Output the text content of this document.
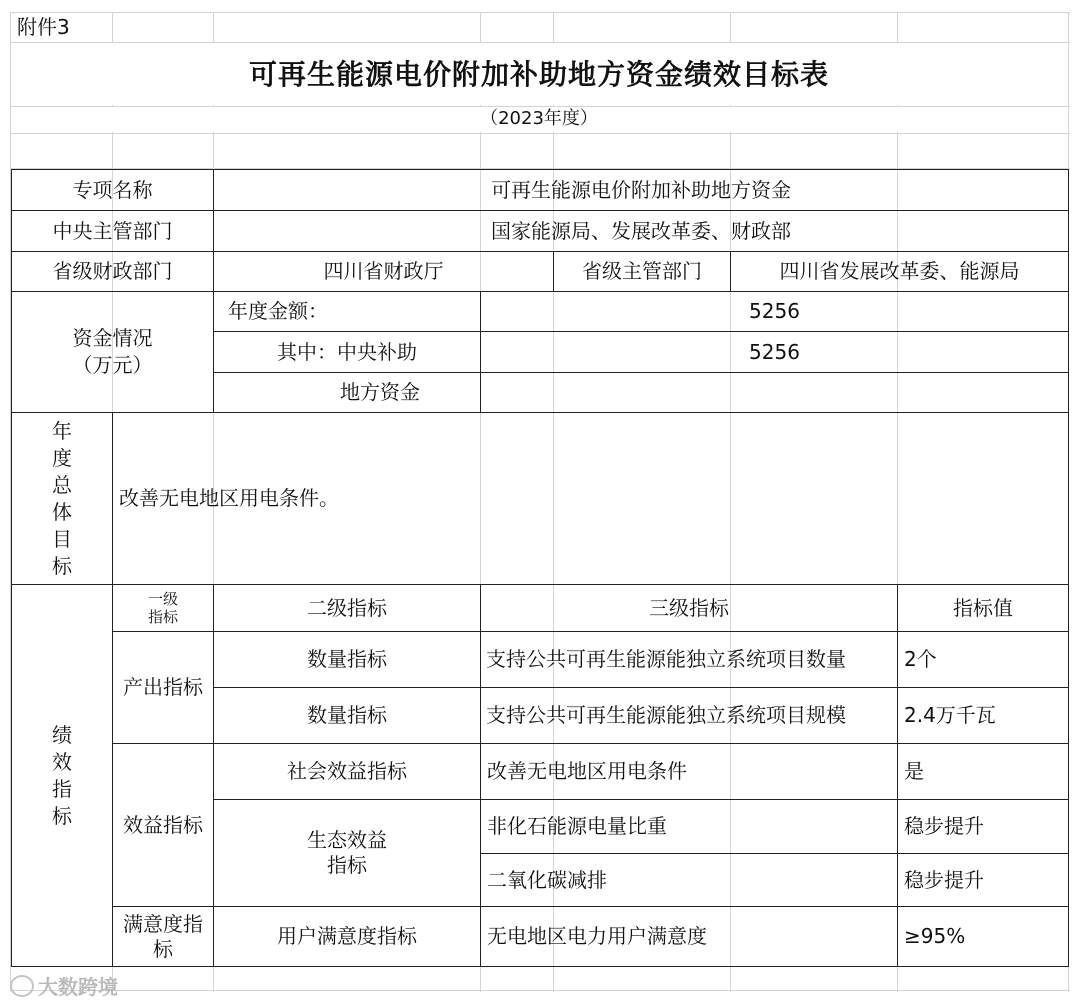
附件3
可再生能源电价附加补助地方资金绩效目标表
（2023年度）
专项名称	可再生能源电价附加补助地方资金
中央主管部门	国家能源局、发展改革委、财政部
省级财政部门	四川省财政厅	省级主管部门	四川省发展改革委、能源局
资金情况
（万元）
年度金额：	5256
其中：中央补助	5256
地方资金
年
度
总
体
目
标
改善无电地区用电条件。
绩
效
指
标
一级
指标	二级指标	三级指标	指标值
产出指标
数量指标	支持公共可再生能源能独立系统项目数量	2个
数量指标	支持公共可再生能源能独立系统项目规模	2.4万千瓦
效益指标
社会效益指标	改善无电地区用电条件	是
生态效益
指标
非化石能源电量比重	稳步提升
二氧化碳减排	稳步提升
满意度指
标
用户满意度指标	无电地区电力用户满意度	≥95%
大数跨境
